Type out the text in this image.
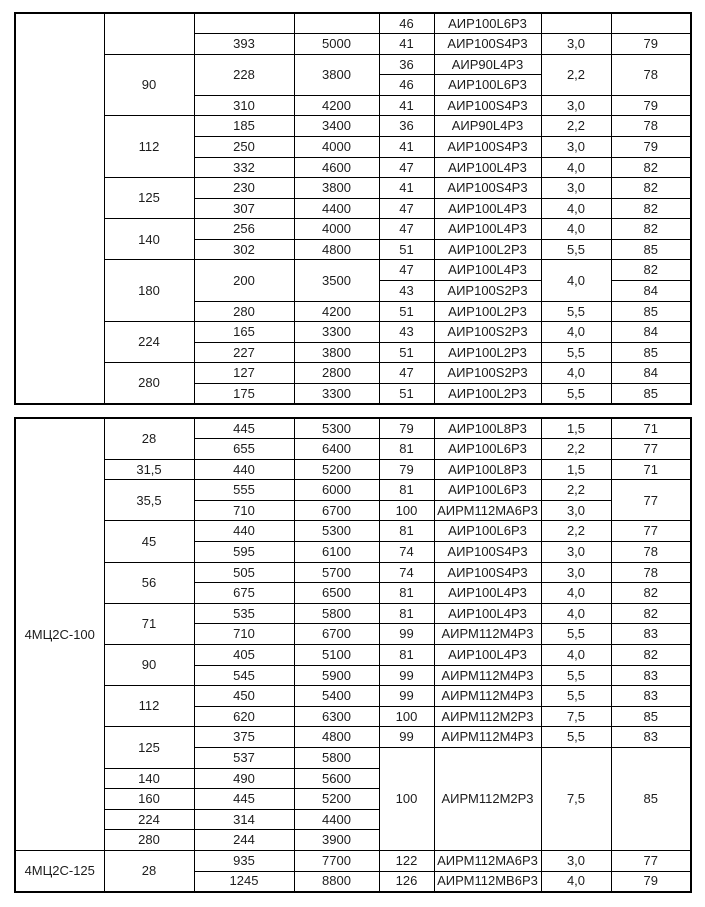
				46	АИР100L6Р3		
		393	5000	41	АИР100S4Р3	3,0	79
	90	228	3800	36	АИР90L4Р3	2,2	78
				46	АИР100L6Р3		
		310	4200	41	АИР100S4Р3	3,0	79
	112	185	3400	36	АИР90L4Р3	2,2	78
		250	4000	41	АИР100S4Р3	3,0	79
		332	4600	47	АИР100L4Р3	4,0	82
	125	230	3800	41	АИР100S4Р3	3,0	82
		307	4400	47	АИР100L4Р3	4,0	82
	140	256	4000	47	АИР100L4Р3	4,0	82
		302	4800	51	АИР100L2Р3	5,5	85
	180	200	3500	47	АИР100L4Р3	4,0	82
				43	АИР100S2Р3		84
		280	4200	51	АИР100L2Р3	5,5	85
	224	165	3300	43	АИР100S2Р3	4,0	84
		227	3800	51	АИР100L2Р3	5,5	85
	280	127	2800	47	АИР100S2Р3	4,0	84
		175	3300	51	АИР100L2Р3	5,5	85
4МЦ2С-100	28	445	5300	79	АИР100L8Р3	1,5	71
		655	6400	81	АИР100L6Р3	2,2	77
	31,5	440	5200	79	АИР100L8Р3	1,5	71
	35,5	555	6000	81	АИР100L6Р3	2,2	77
		710	6700	100	АИРМ112МА6Р3	3,0	
	45	440	5300	81	АИР100L6Р3	2,2	77
		595	6100	74	АИР100S4Р3	3,0	78
	56	505	5700	74	АИР100S4Р3	3,0	78
		675	6500	81	АИР100L4Р3	4,0	82
	71	535	5800	81	АИР100L4Р3	4,0	82
		710	6700	99	АИРМ112М4Р3	5,5	83
	90	405	5100	81	АИР100L4Р3	4,0	82
		545	5900	99	АИРМ112М4Р3	5,5	83
	112	450	5400	99	АИРМ112М4Р3	5,5	83
		620	6300	100	АИРМ112М2Р3	7,5	85
	125	375	4800	99	АИРМ112М4Р3	5,5	83
		537	5800	100	АИРМ112М2Р3	7,5	85
	140	490	5600				
	160	445	5200				
	224	314	4400				
	280	244	3900				
4МЦ2С-125	28	935	7700	122	АИРМ112МА6Р3	3,0	77
		1245	8800	126	АИРМ112МВ6Р3	4,0	79
